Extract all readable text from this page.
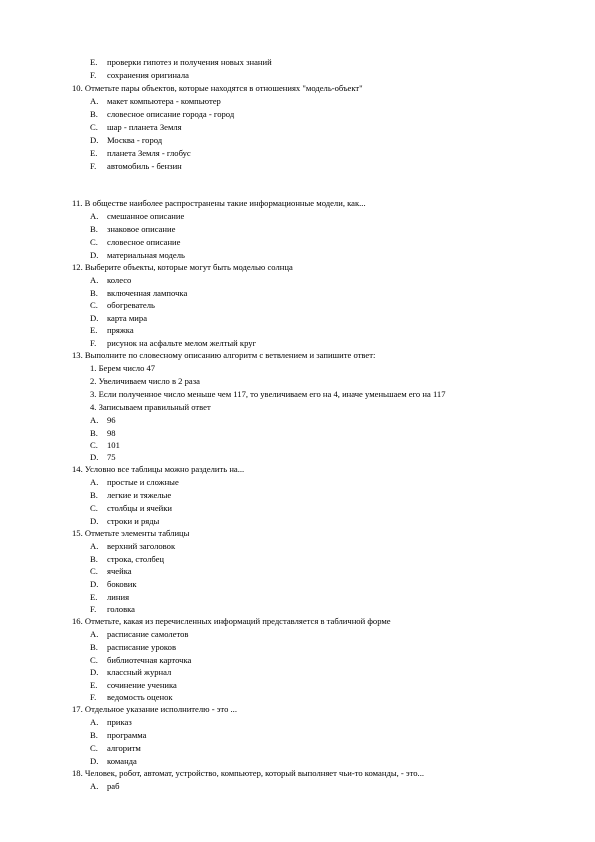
E. проверки гипотез и получения новых знаний
F. сохранения оригинала
10. Отметьте пары объектов, которые находятся в отношениях "модель-объект"
A. макет компьютера - компьютер
B. словесное описание города - город
C. шар - планета Земля
D. Москва - город
E. планета Земля - глобус
F. автомобиль - бензин
11. В обществе наиболее распространены такие информационные модели, как...
A. смешанное описание
B. знаковое описание
C. словесное описание
D. материальная модель
12. Выберите объекты, которые могут быть моделью солнца
A. колесо
B. включенная лампочка
C. обогреватель
D. карта мира
E. пряжка
F. рисунок на асфальте мелом желтый круг
13. Выполните по словесному описанию алгоритм с ветвлением и запишите ответ:
1. Берем число 47
2. Увеличиваем число в 2 раза
3. Если полученное число меньше чем 117, то увеличиваем его на 4, иначе уменьшаем его на 117
4. Записываем правильный ответ
A. 96
B. 98
C. 101
D. 75
14. Условно все таблицы можно разделить на...
A. простые и сложные
B. легкие и тяжелые
C. столбцы и ячейки
D. строки и ряды
15. Отметьте элементы таблицы
A. верхний заголовок
B. строка, столбец
C. ячейка
D. боковик
E. линия
F. головка
16. Отметьте, какая из перечисленных информаций представляется в табличной форме
A. расписание самолетов
B. расписание уроков
C. библиотечная карточка
D. классный журнал
E. сочинение ученика
F. ведомость оценок
17. Отдельное указание исполнителю - это ...
A. приказ
B. программа
C. алгоритм
D. команда
18. Человек, робот, автомат, устройство, компьютер, который выполняет чьи-то команды, - это...
A. раб
